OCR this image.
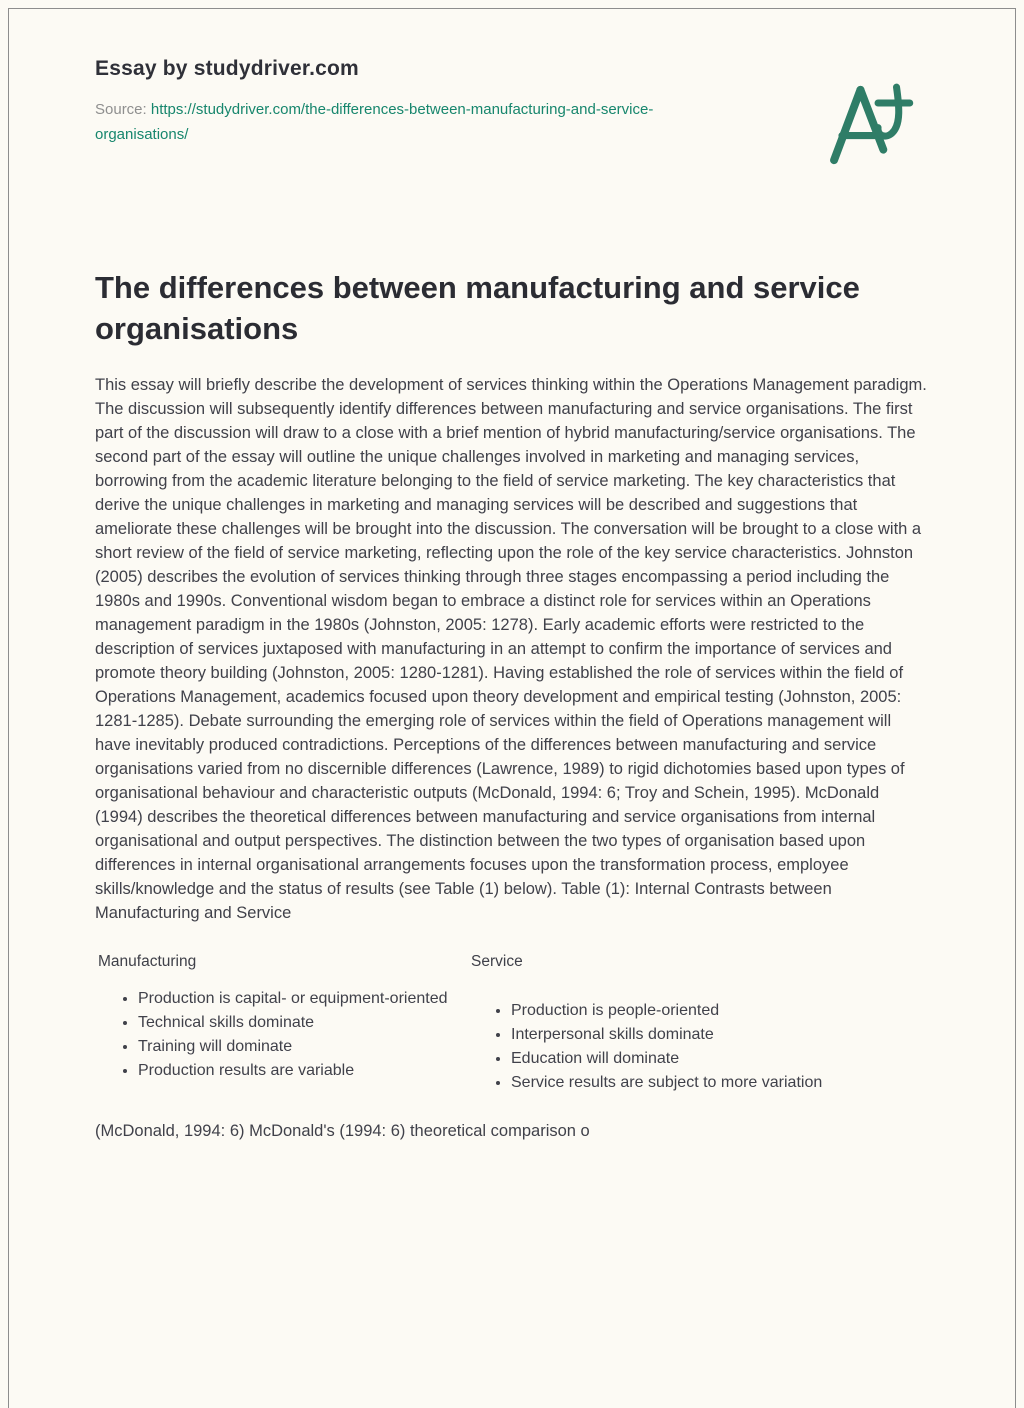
Essay by studydriver.com

Source: https://studydriver.com/the-differences-between-manufacturing-and-service-organisations/

The differences between manufacturing and service organisations

This essay will briefly describe the development of services thinking within the Operations Management paradigm. The discussion will subsequently identify differences between manufacturing and service organisations. The first part of the discussion will draw to a close with a brief mention of hybrid manufacturing/service organisations. The second part of the essay will outline the unique challenges involved in marketing and managing services, borrowing from the academic literature belonging to the field of service marketing. The key characteristics that derive the unique challenges in marketing and managing services will be described and suggestions that ameliorate these challenges will be brought into the discussion. The conversation will be brought to a close with a short review of the field of service marketing, reflecting upon the role of the key service characteristics. Johnston (2005) describes the evolution of services thinking through three stages encompassing a period including the 1980s and 1990s. Conventional wisdom began to embrace a distinct role for services within an Operations management paradigm in the 1980s (Johnston, 2005: 1278). Early academic efforts were restricted to the description of services juxtaposed with manufacturing in an attempt to confirm the importance of services and promote theory building (Johnston, 2005: 1280-1281). Having established the role of services within the field of Operations Management, academics focused upon theory development and empirical testing (Johnston, 2005: 1281-1285). Debate surrounding the emerging role of services within the field of Operations management will have inevitably produced contradictions. Perceptions of the differences between manufacturing and service organisations varied from no discernible differences (Lawrence, 1989) to rigid dichotomies based upon types of organisational behaviour and characteristic outputs (McDonald, 1994: 6; Troy and Schein, 1995). McDonald (1994) describes the theoretical differences between manufacturing and service organisations from internal organisational and output perspectives. The distinction between the two types of organisation based upon differences in internal organisational arrangements focuses upon the transformation process, employee skills/knowledge and the status of results (see Table (1) below). Table (1): Internal Contrasts between Manufacturing and Service

Manufacturing
• Production is capital- or equipment-oriented
• Technical skills dominate
• Training will dominate
• Production results are variable
Service
• Production is people-oriented
• Interpersonal skills dominate
• Education will dominate
• Service results are subject to more variation

(McDonald, 1994: 6) McDonald's (1994: 6) theoretical comparison o
